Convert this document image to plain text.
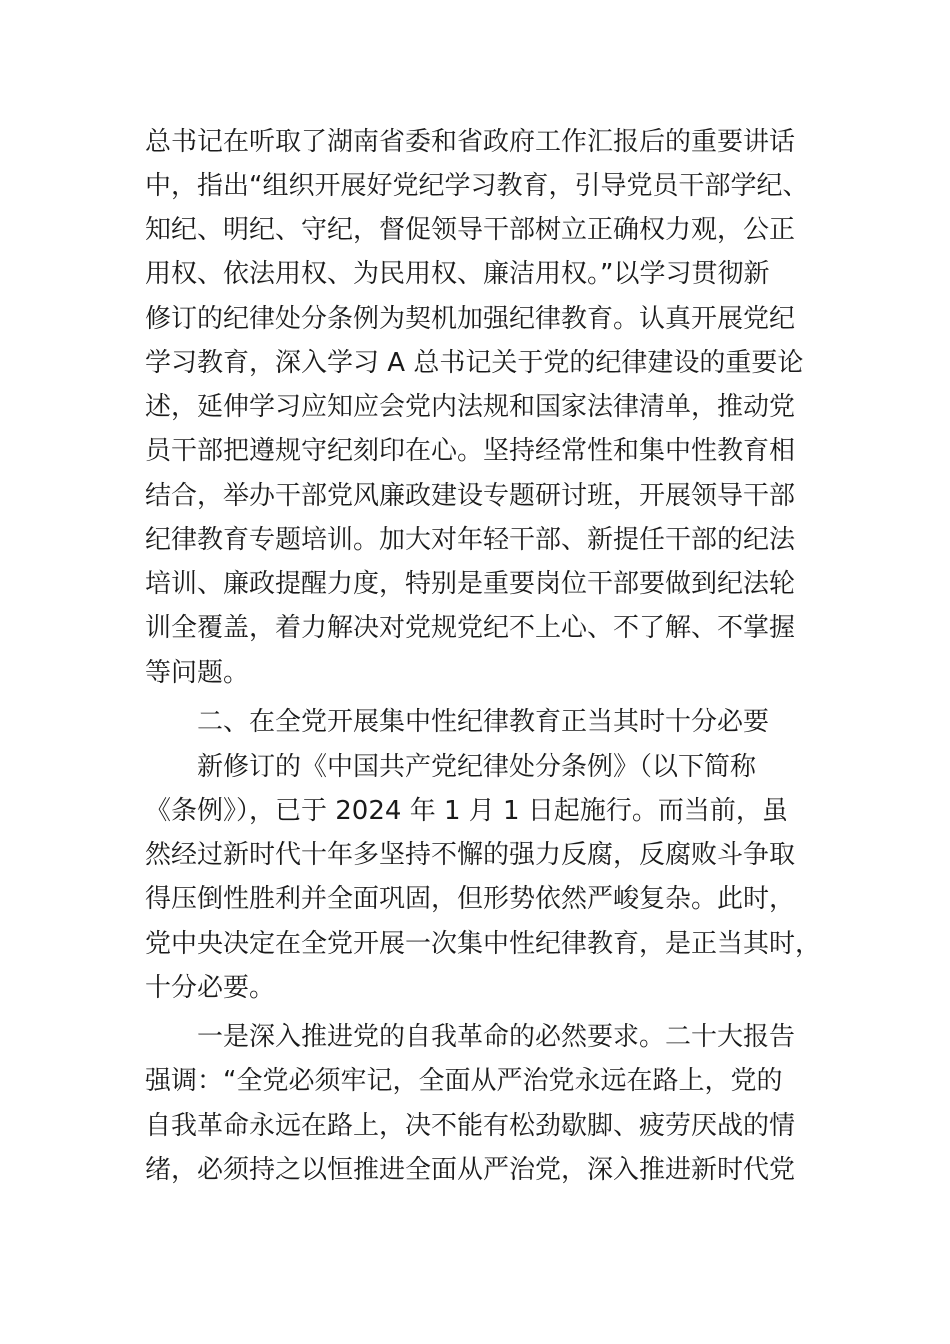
总书记在听取了湖南省委和省政府工作汇报后的重要讲话
中，指出“组织开展好党纪学习教育，引导党员干部学纪、
知纪、明纪、守纪，督促领导干部树立正确权力观，公正
用权、依法用权、为民用权、廉洁用权。”以学习贯彻新
修订的纪律处分条例为契机加强纪律教育。认真开展党纪
学习教育，深入学习 A 总书记关于党的纪律建设的重要论
述，延伸学习应知应会党内法规和国家法律清单，推动党
员干部把遵规守纪刻印在心。坚持经常性和集中性教育相
结合，举办干部党风廉政建设专题研讨班，开展领导干部
纪律教育专题培训。加大对年轻干部、新提任干部的纪法
培训、廉政提醒力度，特别是重要岗位干部要做到纪法轮
训全覆盖，着力解决对党规党纪不上心、不了解、不掌握
等问题。
二、在全党开展集中性纪律教育正当其时十分必要
新修订的《中国共产党纪律处分条例》（以下简称
《条例》），已于 2024 年 1 月 1 日起施行。而当前，虽
然经过新时代十年多坚持不懈的强力反腐，反腐败斗争取
得压倒性胜利并全面巩固，但形势依然严峻复杂。此时，
党中央决定在全党开展一次集中性纪律教育，是正当其时，
十分必要。
一是深入推进党的自我革命的必然要求。二十大报告
强调：“全党必须牢记，全面从严治党永远在路上，党的
自我革命永远在路上，决不能有松劲歇脚、疲劳厌战的情
绪，必须持之以恒推进全面从严治党，深入推进新时代党
